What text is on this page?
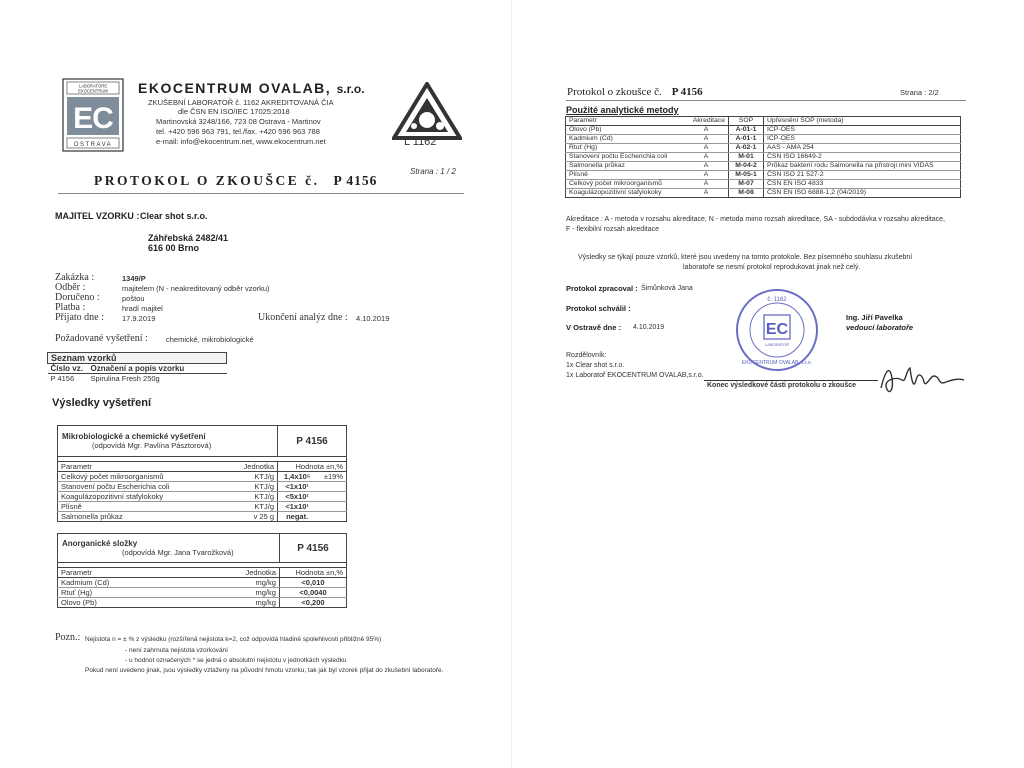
LABORATORE
EKOCENTRUM
EC
OSTRAVA
EKOCENTRUM OVALAB, s.r.o.
ZKUŠEBNÍ LABORATOŘ č. 1162 AKREDITOVANÁ ČIA
dle ČSN EN ISO/IEC 17025:2018
Martinovská 3248/166, 723 08 Ostrava - Martinov
tel. +420 596 963 791, tel./fax. +420 596 963 788
e-mail: info@ekocentrum.net, www.ekocentrum.net	L 1162
PROTOKOL O ZKOUŠCE č. P 4156
Strana : 1 / 2
MAJITEL VZORKU : Clear shot s.r.o.
Záhřebská 2482/41
616 00 Brno
Zakázka :	1349/P
Odběr :	majitelem (N - neakreditovaný odběr vzorku)
Doručeno :	poštou
Platba :	hradí majitel
Přijato dne : 17.9.2019	Ukončení analýz dne : 4.10.2019
Požadované vyšetření : chemické, mikrobiologické
Seznam vzorků	
Číslo vz.	Označení a popis vzorku
P 4156	Spirulina Fresh 250g
Výsledky vyšetření
Mikrobiologické a chemické vyšetření
(odpovídá Mgr. Pavlína Pásztorová)		P 4156	

Parametr	Jednotka	Hodnota ±n,%	
Celkový počet mikroorganismů	KTJ/g	1,4x10⁵	±19%
Stanovení počtu Escherichia coli	KTJ/g	<1x10¹	
Koagulázopozitivní stafylokoky	KTJ/g	<5x10¹	
Plísně	KTJ/g	<1x10¹	
Salmonella průkaz	v 25 g	negat.	
Anorganické složky
(odpovídá Mgr. Jana Tvarožková)		P 4156

Parametr	Jednotka	Hodnota ±n,%
Kadmium (Cd)	mg/kg	<0,010
Rtuť (Hg)	mg/kg	<0,0040
Olovo (Pb)	mg/kg	<0,200
Pozn.: Nejistota n = ± % z výsledku (rozšířená nejistota k=2, což odpovídá hladině spolehlivosti přibližně 95%)
- není zahrnuta nejistota vzorkování
- u hodnot označených * se jedná o absolutní nejistotu v jednotkách výsledku
Pokud není uvedeno jinak, jsou výsledky vztaženy na původní hmotu vzorku, tak jak byl vzorek přijat do zkušební laboratoře.
Protokol o zkoušce č. P 4156	Strana : 2/2
Použité analytické metody
Parametr	Akreditace	SOP	Upřesnění SOP (metoda)
Olovo (Pb)	A	A-01-1	ICP-OES
Kadmium (Cd)	A	A-01-1	ICP-OES
Rtuť (Hg)	A	A-02-1	AAS - AMA 254
Stanovení počtu Escherichia coli	A	M-01	ČSN ISO 16649-2
Salmonella průkaz	A	M-04-2	Průkaz bakterií rodu Salmonella na přístroji mini VIDAS
Plísně	A	M-05-1	ČSN ISO 21 527-2
Celkový počet mikroorganismů	A	M-07	ČSN EN ISO 4833
Koagulázopozitivní stafylokoky	A	M-08	ČSN EN ISO 6888-1,2 (04/2019)
Akreditace : A - metoda v rozsahu akreditace, N - metoda mimo rozsah akreditace, SA - subdodávka v rozsahu akreditace,
F - flexibilní rozsah akreditace
Výsledky se týkají pouze vzorků, které jsou uvedeny na tomto protokole. Bez písemného souhlasu zkušební
laboratoře se nesmí protokol reprodukovat jinak než celý.
Protokol zpracoval : Šimůnková Jana
Protokol schválil :
V Ostravě dne : 4.10.2019
č. 1162
EC
LABORATOŘ
EKOCENTRUM OVALAB, s.r.o.
Ing. Jiří Pavelka
vedoucí laboratoře
Rozdělovník:
1x Clear shot s.r.o.
1x Laboratoř EKOCENTRUM OVALAB,s.r.o.
Konec výsledkové části protokolu o zkoušce
